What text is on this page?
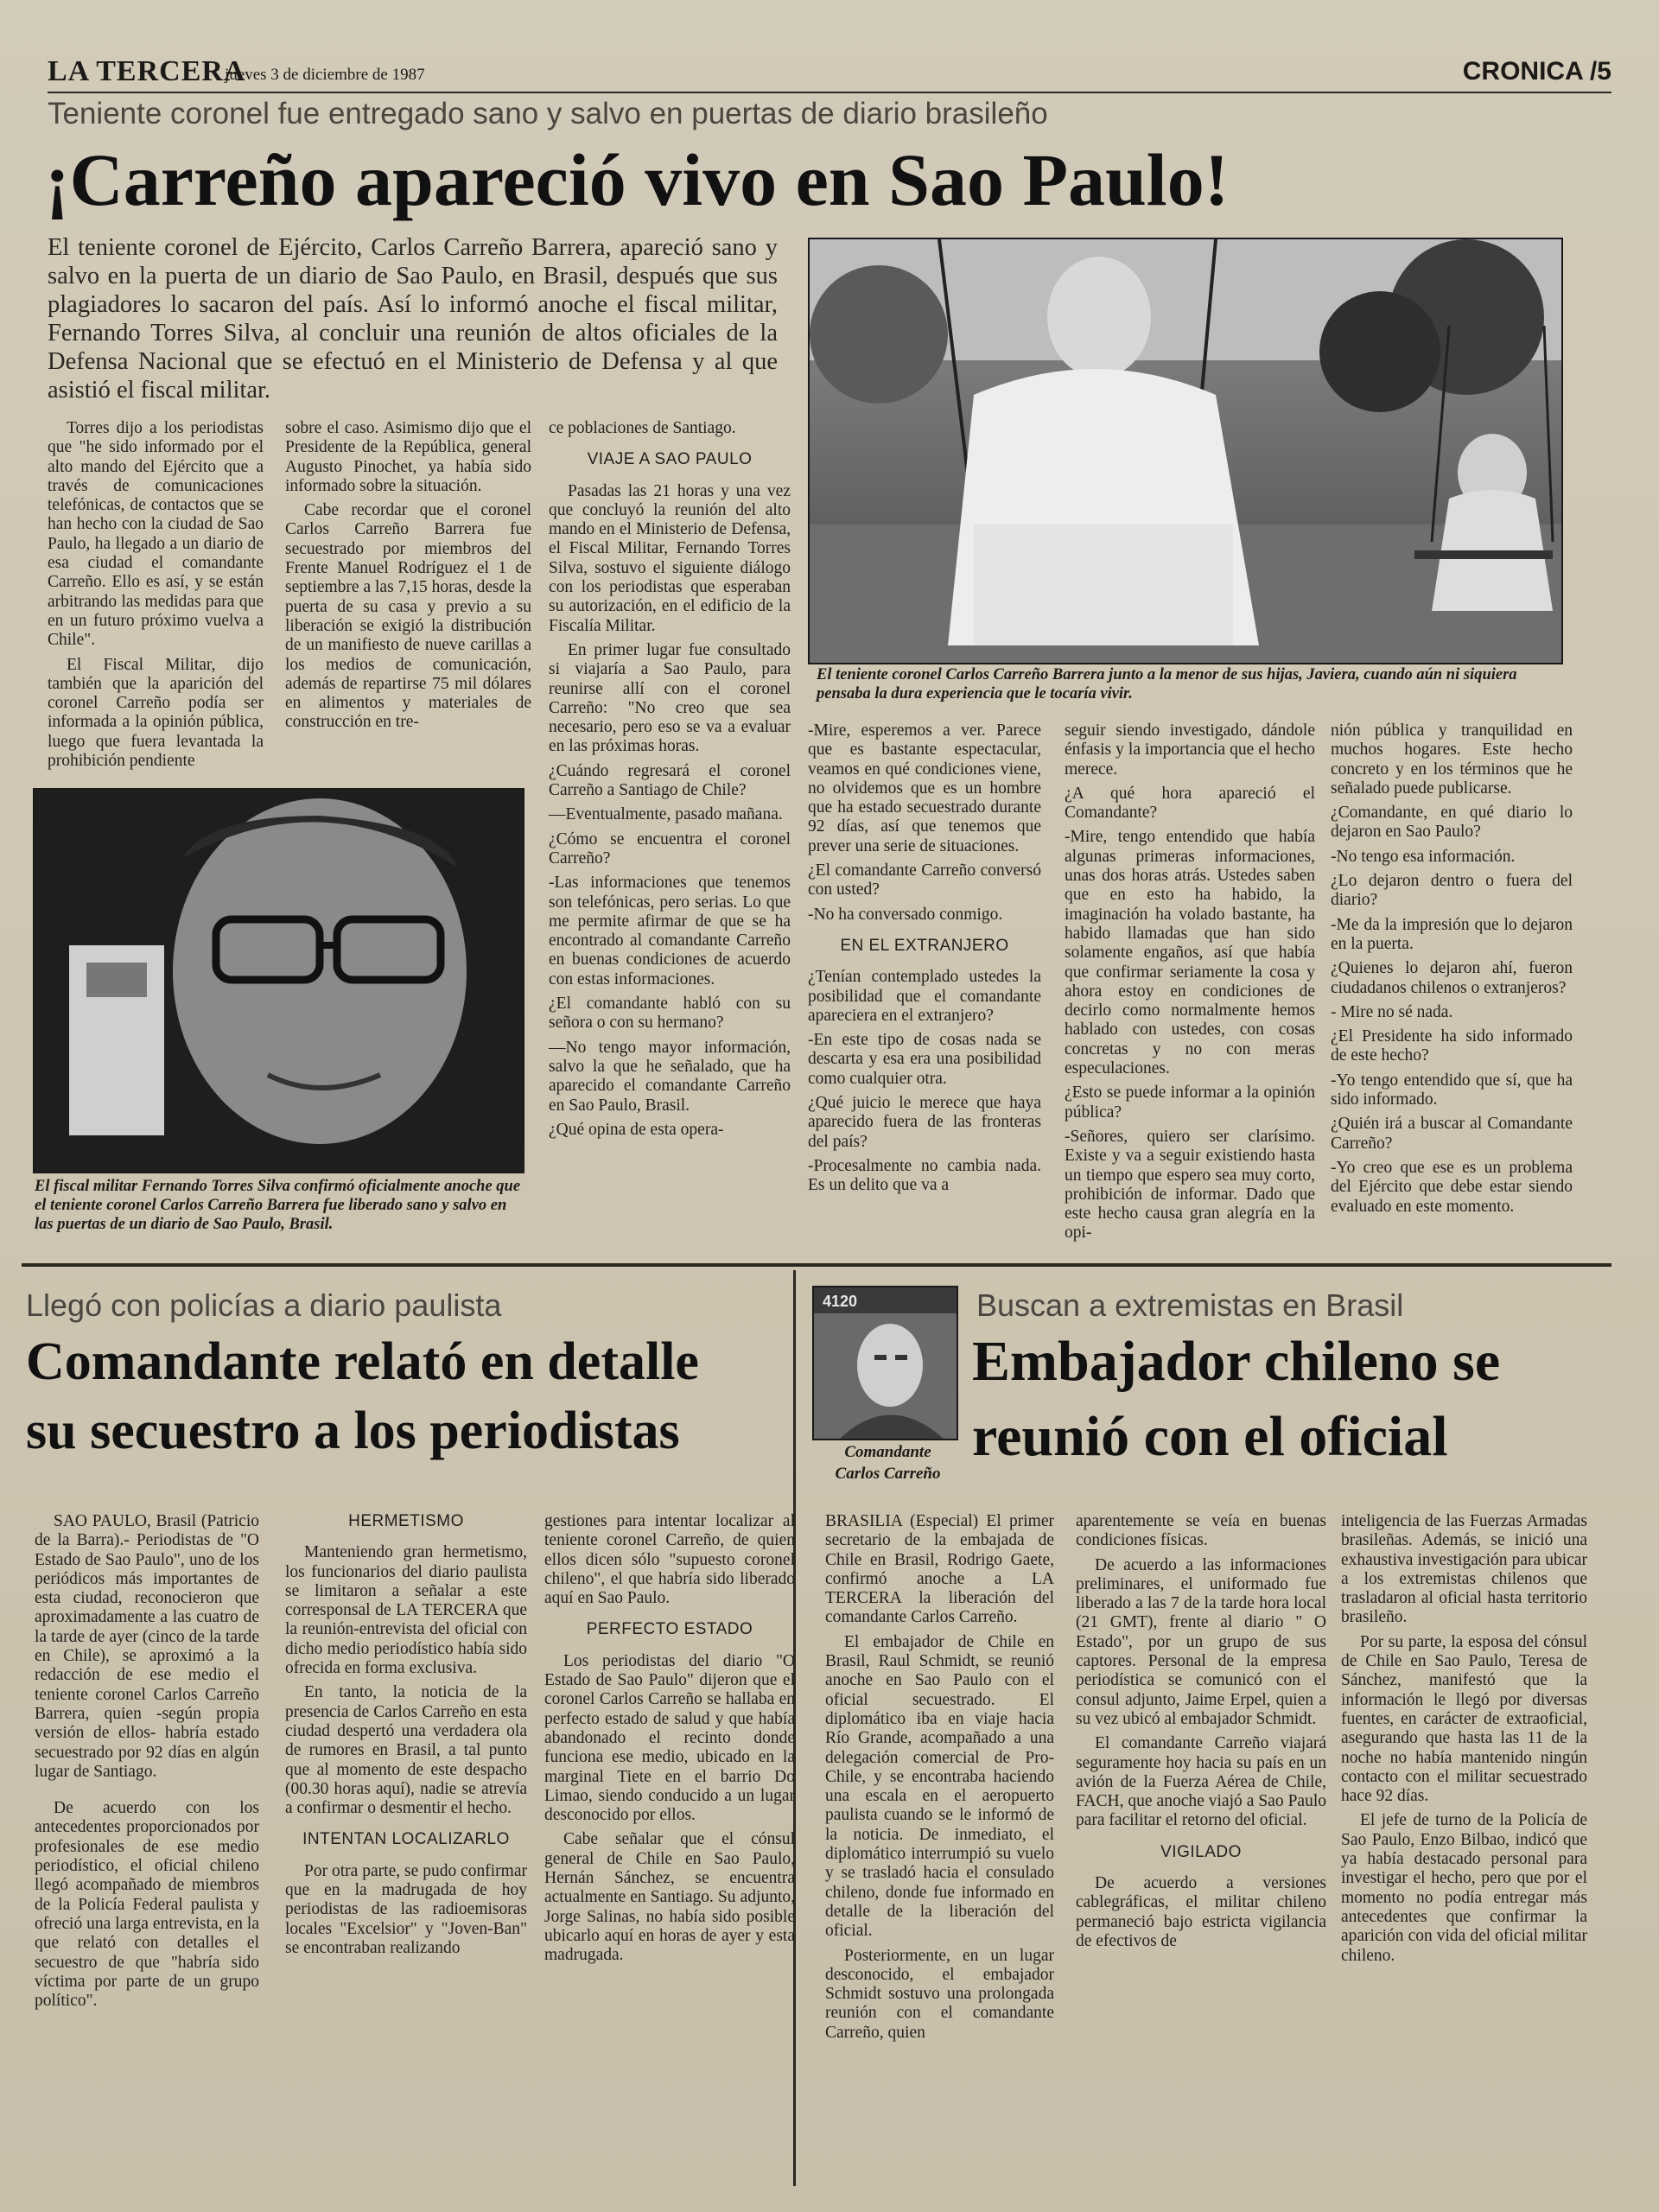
LA TERCERA
jueves 3 de diciembre de 1987	CRONICA /5
Teniente coronel fue entregado sano y salvo en puertas de diario brasileño
¡Carreño apareció vivo en Sao Paulo!
El teniente coronel de Ejército, Carlos Carreño Barrera, apareció sano y salvo en la puerta de un diario de Sao Paulo, en Brasil, después que sus plagiadores lo sacaron del país. Así lo informó anoche el fiscal militar, Fernando Torres Silva, al concluir una reunión de altos oficiales de la Defensa Nacional que se efectuó en el Ministerio de Defensa y al que asistió el fiscal militar.
El teniente coronel Carlos Carreño Barrera junto a la menor de sus hijas, Javiera, cuando aún ni siquiera pensaba la dura experiencia que le tocaría vivir.

Torres dijo a los periodistas que "he sido informado por el alto mando del Ejército que a través de comunicaciones telefónicas, de contactos que se han hecho con la ciudad de Sao Paulo, ha llegado a un diario de esa ciudad el comandante Carreño. Ello es así, y se están arbitrando las medidas para que en un futuro próximo vuelva a Chile".

El Fiscal Militar, dijo también que la aparición del coronel Carreño podía ser informada a la opinión pública, luego que fuera levantada la prohibición pendiente

sobre el caso. Asimismo dijo que el Presidente de la República, general Augusto Pinochet, ya había sido informado sobre la situación.

Cabe recordar que el coronel Carlos Carreño Barrera fue secuestrado por miembros del Frente Manuel Rodríguez el 1 de septiembre a las 7,15 horas, desde la puerta de su casa y previo a su liberación se exigió la distribución de un manifiesto de nueve carillas a los medios de comunicación, además de repartirse 75 mil dólares en alimentos y materiales de construcción en tre-

ce poblaciones de Santiago.

VIAJE A SAO PAULO

Pasadas las 21 horas y una vez que concluyó la reunión del alto mando en el Ministerio de Defensa, el Fiscal Militar, Fernando Torres Silva, sostuvo el siguiente diálogo con los periodistas que esperaban su autorización, en el edificio de la Fiscalía Militar.

En primer lugar fue consultado si viajaría a Sao Paulo, para reunirse allí con el coronel Carreño: "No creo que sea necesario, pero eso se va a evaluar en las próximas horas.

¿Cuándo regresará el coronel Carreño a Santiago de Chile?

—Eventualmente, pasado mañana.

¿Cómo se encuentra el coronel Carreño?

-Las informaciones que tenemos son telefónicas, pero serias. Lo que me permite afirmar de que se ha encontrado al comandante Carreño en buenas condiciones de acuerdo con estas informaciones.

¿El comandante habló con su señora o con su hermano?

—No tengo mayor información, salvo la que he señalado, que ha aparecido el comandante Carreño en Sao Paulo, Brasil.

¿Qué opina de esta opera-

El fiscal militar Fernando Torres Silva confirmó oficialmente anoche que el teniente coronel Carlos Carreño Barrera fue liberado sano y salvo en las puertas de un diario de Sao Paulo, Brasil.

-Mire, esperemos a ver. Parece que es bastante espectacular, veamos en qué condiciones viene, no olvidemos que es un hombre que ha estado secuestrado durante 92 días, así que tenemos que prever una serie de situaciones.

¿El comandante Carreño conversó con usted?

-No ha conversado conmigo.

EN EL EXTRANJERO

¿Tenían contemplado ustedes la posibilidad que el comandante apareciera en el extranjero?

-En este tipo de cosas nada se descarta y esa era una posibilidad como cualquier otra.

¿Qué juicio le merece que haya aparecido fuera de las fronteras del país?

-Procesalmente no cambia nada. Es un delito que va a

seguir siendo investigado, dándole énfasis y la importancia que el hecho merece.

¿A qué hora apareció el Comandante?

-Mire, tengo entendido que había algunas primeras informaciones, unas dos horas atrás. Ustedes saben que en esto ha habido, la imaginación ha volado bastante, ha habido llamadas que han sido solamente engaños, así que había que confirmar seriamente la cosa y ahora estoy en condiciones de decirlo como normalmente hemos hablado con ustedes, con cosas concretas y no con meras especulaciones.

¿Esto se puede informar a la opinión pública?

-Señores, quiero ser clarísimo. Existe y va a seguir existiendo hasta un tiempo que espero sea muy corto, prohibición de informar. Dado que este hecho causa gran alegría en la opi-

nión pública y tranquilidad en muchos hogares. Este hecho concreto y en los términos que he señalado puede publicarse.

¿Comandante, en qué diario lo dejaron en Sao Paulo?

-No tengo esa información.

¿Lo dejaron dentro o fuera del diario?

-Me da la impresión que lo dejaron en la puerta.

¿Quienes lo dejaron ahí, fueron ciudadanos chilenos o extranjeros?

- Mire no sé nada.

¿El Presidente ha sido informado de este hecho?

-Yo tengo entendido que sí, que ha sido informado.

¿Quién irá a buscar al Comandante Carreño?

-Yo creo que ese es un problema del Ejército que debe estar siendo evaluado en este momento.

Llegó con policías a diario paulista
Comandante relató en detalle
su secuestro a los periodistas

SAO PAULO, Brasil (Patricio de la Barra).- Periodistas de "O Estado de Sao Paulo", uno de los periódicos más importantes de esta ciudad, reconocieron que aproximadamente a las cuatro de la tarde de ayer (cinco de la tarde en Chile), se aproximó a la redacción de ese medio el teniente coronel Carlos Carreño Barrera, quien -según propia versión de ellos- habría estado secuestrado por 92 días en algún lugar de Santiago.

De acuerdo con los antecedentes proporcionados por profesionales de ese medio periodístico, el oficial chileno llegó acompañado de miembros de la Policía Federal paulista y ofreció una larga entrevista, en la que relató con detalles el secuestro de que "habría sido víctima por parte de un grupo político".

HERMETISMO

Manteniendo gran hermetismo, los funcionarios del diario paulista se limitaron a señalar a este corresponsal de LA TERCERA que la reunión-entrevista del oficial con dicho medio periodístico había sido ofrecida en forma exclusiva.

En tanto, la noticia de la presencia de Carlos Carreño en esta ciudad despertó una verdadera ola de rumores en Brasil, a tal punto que al momento de este despacho (00.30 horas aquí), nadie se atrevía a confirmar o desmentir el hecho.

INTENTAN LOCALIZARLO

Por otra parte, se pudo confirmar que en la madrugada de hoy periodistas de las radioemisoras locales "Excelsior" y "Joven-Ban" se encontraban realizando

gestiones para intentar localizar al teniente coronel Carreño, de quien ellos dicen sólo "supuesto coronel chileno", el que habría sido liberado aquí en Sao Paulo.

PERFECTO ESTADO

Los periodistas del diario "O Estado de Sao Paulo" dijeron que el coronel Carlos Carreño se hallaba en perfecto estado de salud y que había abandonado el recinto donde funciona ese medio, ubicado en la marginal Tiete en el barrio Do Limao, siendo conducido a un lugar desconocido por ellos.

Cabe señalar que el cónsul general de Chile en Sao Paulo, Hernán Sánchez, se encuentra actualmente en Santiago. Su adjunto, Jorge Salinas, no había sido posible ubicarlo aquí en horas de ayer y esta madrugada.

4120
Comandante
Carlos Carreño
Buscan a extremistas en Brasil
Embajador chileno se
reunió con el oficial

BRASILIA (Especial) El primer secretario de la embajada de Chile en Brasil, Rodrigo Gaete, confirmó anoche a LA TERCERA la liberación del comandante Carlos Carreño.

El embajador de Chile en Brasil, Raul Schmidt, se reunió anoche en Sao Paulo con el oficial secuestrado. El diplomático iba en viaje hacia Río Grande, acompañado a una delegación comercial de Pro-Chile, y se encontraba haciendo una escala en el aeropuerto paulista cuando se le informó de la noticia. De inmediato, el diplomático interrumpió su vuelo y se trasladó hacia el consulado chileno, donde fue informado en detalle de la liberación del oficial.

Posteriormente, en un lugar desconocido, el embajador Schmidt sostuvo una prolongada reunión con el comandante Carreño, quien

aparentemente se veía en buenas condiciones físicas.

De acuerdo a las informaciones preliminares, el uniformado fue liberado a las 7 de la tarde hora local (21 GMT), frente al diario " O Estado", por un grupo de sus captores. Personal de la empresa periodística se comunicó con el consul adjunto, Jaime Erpel, quien a su vez ubicó al embajador Schmidt.

El comandante Carreño viajará seguramente hoy hacia su país en un avión de la Fuerza Aérea de Chile, FACH, que anoche viajó a Sao Paulo para facilitar el retorno del oficial.

VIGILADO

De acuerdo a versiones cablegráficas, el militar chileno permaneció bajo estricta vigilancia de efectivos de

inteligencia de las Fuerzas Armadas brasileñas. Además, se inició una exhaustiva investigación para ubicar a los extremistas chilenos que trasladaron al oficial hasta territorio brasileño.

Por su parte, la esposa del cónsul de Chile en Sao Paulo, Teresa de Sánchez, manifestó que la información le llegó por diversas fuentes, en carácter de extraoficial, asegurando que hasta las 11 de la noche no había mantenido ningún contacto con el militar secuestrado hace 92 días.

El jefe de turno de la Policía de Sao Paulo, Enzo Bilbao, indicó que ya había destacado personal para investigar el hecho, pero que por el momento no podía entregar más antecedentes que confirmar la aparición con vida del oficial militar chileno.
